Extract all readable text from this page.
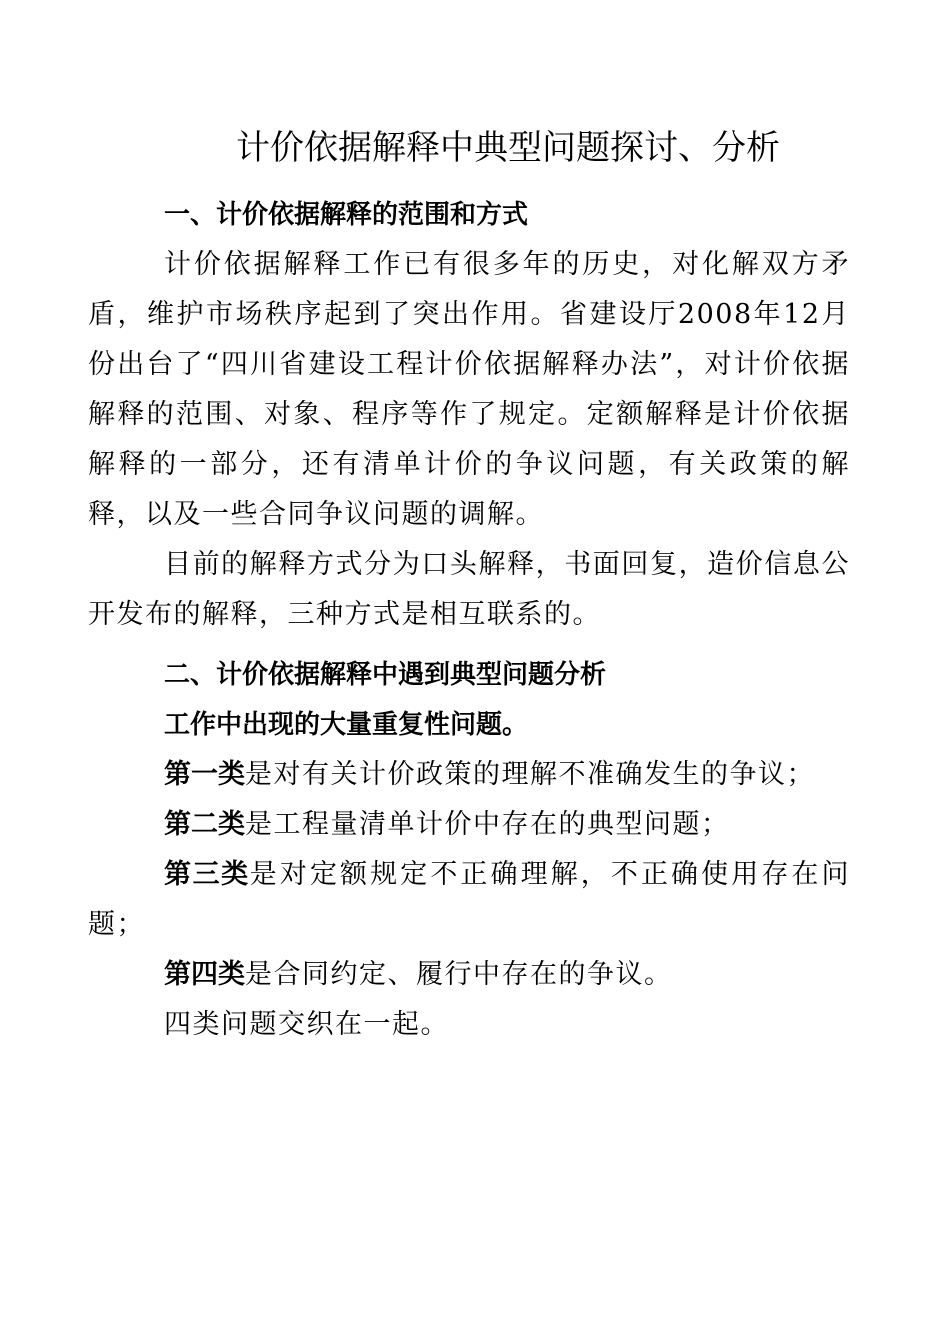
计价依据解释中典型问题探讨、分析
一、计价依据解释的范围和方式

计价依据解释工作已有很多年的历史，对化解双方矛盾，维护市场秩序起到了突出作用。省建设厅2008年12月份出台了“四川省建设工程计价依据解释办法”，对计价依据解释的范围、对象、程序等作了规定。定额解释是计价依据解释的一部分，还有清单计价的争议问题，有关政策的解释，以及一些合同争议问题的调解。

目前的解释方式分为口头解释，书面回复，造价信息公开发布的解释，三种方式是相互联系的。

二、计价依据解释中遇到典型问题分析
工作中出现的大量重复性问题。

第一类是对有关计价政策的理解不准确发生的争议；

第二类是工程量清单计价中存在的典型问题；

第三类是对定额规定不正确理解，不正确使用存在问题；

第四类是合同约定、履行中存在的争议。

四类问题交织在一起。
